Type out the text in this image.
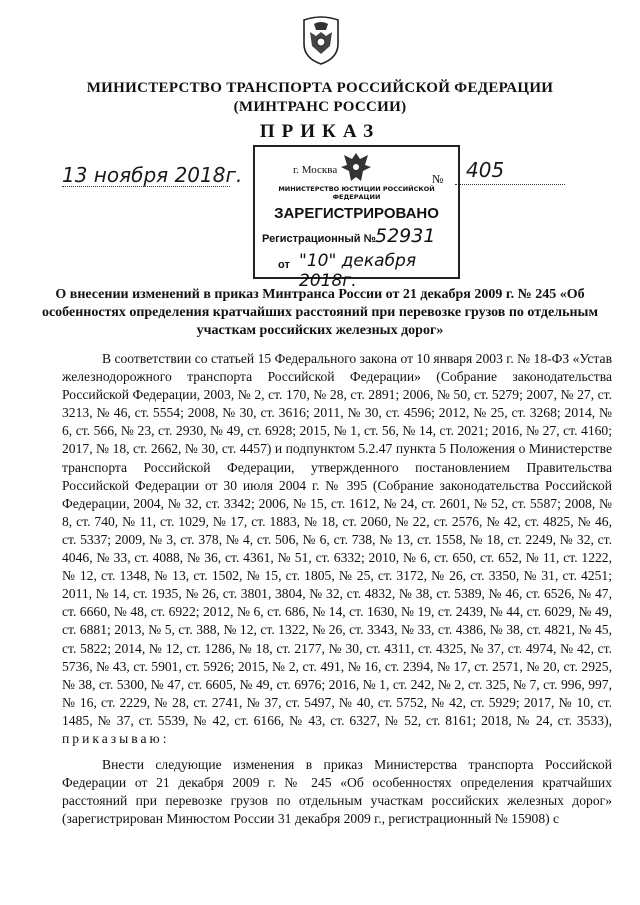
МИНИСТЕРСТВО ТРАНСПОРТА РОССИЙСКОЙ ФЕДЕРАЦИИ
(МИНТРАНС РОССИИ)
ПРИКАЗ
13 ноября 2018г.	№ 405
г. Москва
МИНИСТЕРСТВО ЮСТИЦИИ РОССИЙСКОЙ ФЕДЕРАЦИИ
ЗАРЕГИСТРИРОВАНО
Регистрационный № 52931
от "10" декабря 2018г.
О внесении изменений в приказ Минтранса России от 21 декабря 2009 г. № 245 «Об особенностях определения кратчайших расстояний при перевозке грузов по отдельным участкам российских железных дорог»
В соответствии со статьей 15 Федерального закона от 10 января 2003 г. № 18-ФЗ «Устав железнодорожного транспорта Российской Федерации» (Собрание законодательства Российской Федерации, 2003, № 2, ст. 170, № 28, ст. 2891; 2006, № 50, ст. 5279; 2007, № 27, ст. 3213, № 46, ст. 5554; 2008, № 30, ст. 3616; 2011, № 30, ст. 4596; 2012, № 25, ст. 3268; 2014, № 6, ст. 566, № 23, ст. 2930, № 49, ст. 6928; 2015, № 1, ст. 56, № 14, ст. 2021; 2016, № 27, ст. 4160; 2017, № 18, ст. 2662, № 30, ст. 4457) и подпунктом 5.2.47 пункта 5 Положения о Министерстве транспорта Российской Федерации, утвержденного постановлением Правительства Российской Федерации от 30 июля 2004 г. № 395 (Собрание законодательства Российской Федерации, 2004, № 32, ст. 3342; 2006, № 15, ст. 1612, № 24, ст. 2601, № 52, ст. 5587; 2008, № 8, ст. 740, № 11, ст. 1029, № 17, ст. 1883, № 18, ст. 2060, № 22, ст. 2576, № 42, ст. 4825, № 46, ст. 5337; 2009, № 3, ст. 378, № 4, ст. 506, № 6, ст. 738, № 13, ст. 1558, № 18, ст. 2249, № 32, ст. 4046, № 33, ст. 4088, № 36, ст. 4361, № 51, ст. 6332; 2010, № 6, ст. 650, ст. 652, № 11, ст. 1222, № 12, ст. 1348, № 13, ст. 1502, № 15, ст. 1805, № 25, ст. 3172, № 26, ст. 3350, № 31, ст. 4251; 2011, № 14, ст. 1935, № 26, ст. 3801, 3804, № 32, ст. 4832, № 38, ст. 5389, № 46, ст. 6526, № 47, ст. 6660, № 48, ст. 6922; 2012, № 6, ст. 686, № 14, ст. 1630, № 19, ст. 2439, № 44, ст. 6029, № 49, ст. 6881; 2013, № 5, ст. 388, № 12, ст. 1322, № 26, ст. 3343, № 33, ст. 4386, № 38, ст. 4821, № 45, ст. 5822; 2014, № 12, ст. 1286, № 18, ст. 2177, № 30, ст. 4311, ст. 4325, № 37, ст. 4974, № 42, ст. 5736, № 43, ст. 5901, ст. 5926; 2015, № 2, ст. 491, № 16, ст. 2394, № 17, ст. 2571, № 20, ст. 2925, № 38, ст. 5300, № 47, ст. 6605, № 49, ст. 6976; 2016, № 1, ст. 242, № 2, ст. 325, № 7, ст. 996, 997, № 16, ст. 2229, № 28, ст. 2741, № 37, ст. 5497, № 40, ст. 5752, № 42, ст. 5929; 2017, № 10, ст. 1485, № 37, ст. 5539, № 42, ст. 6166, № 43, ст. 6327, № 52, ст. 8161; 2018, № 24, ст. 3533), приказываю:
Внести следующие изменения в приказ Министерства транспорта Российской Федерации от 21 декабря 2009 г. № 245 «Об особенностях определения кратчайших расстояний при перевозке грузов по отдельным участкам российских железных дорог» (зарегистрирован Минюстом России 31 декабря 2009 г., регистрационный № 15908) с
